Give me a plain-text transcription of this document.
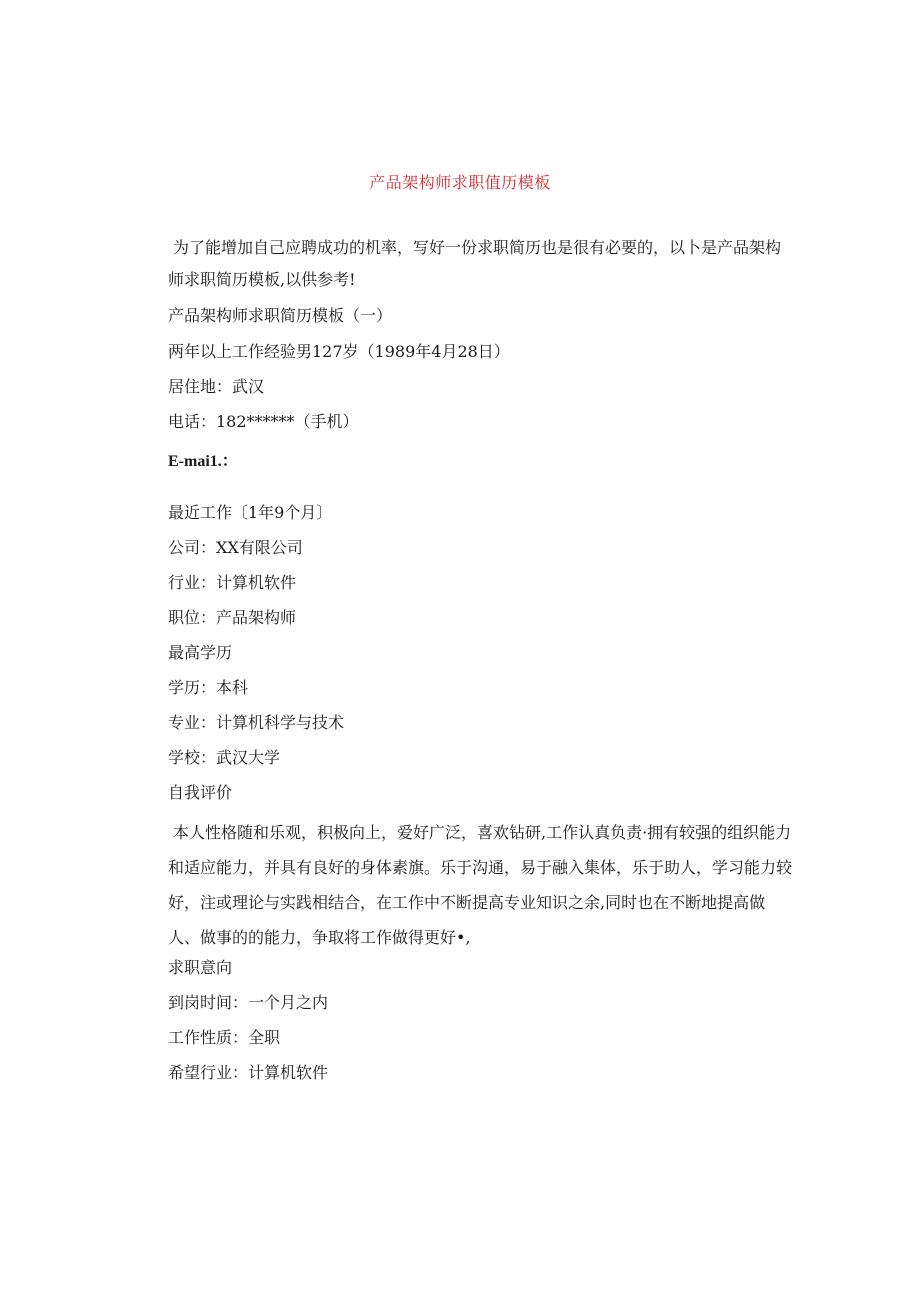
产品架构师求职值历模板
为了能增加自己应聘成功的机率，写好一份求职简历也是很有必要的，以卜是产品架构师求职简历模板,以供参考!
产品架构师求职简历模板（一）
两年以上工作经验男127岁（1989年4月28日）
居住地：武汉
电话：182******（手机）
E-mai1.：
最近工作〔1年9个月〕
公司：XX有限公司
行业：计算机软件
职位：产品架构师
最高学历
学历：本科
专业：计算机科学与技术
学校：武汉大学
自我评价
本人性格随和乐观，积极向上，爱好广泛，喜欢钻研,工作认真负责·拥有较强的组织能力和适应能力，并具有良好的身体素旗。乐于沟通，易于融入集体，乐于助人，学习能力较好，注或理论与实践相结合，在工作中不断提高专业知识之余,同时也在不断地提高做人、做事的的能力，争取将工作做得更好•,
求职意向
到岗时间：一个月之内
工作性质：全职
希望行业：计算机软件
